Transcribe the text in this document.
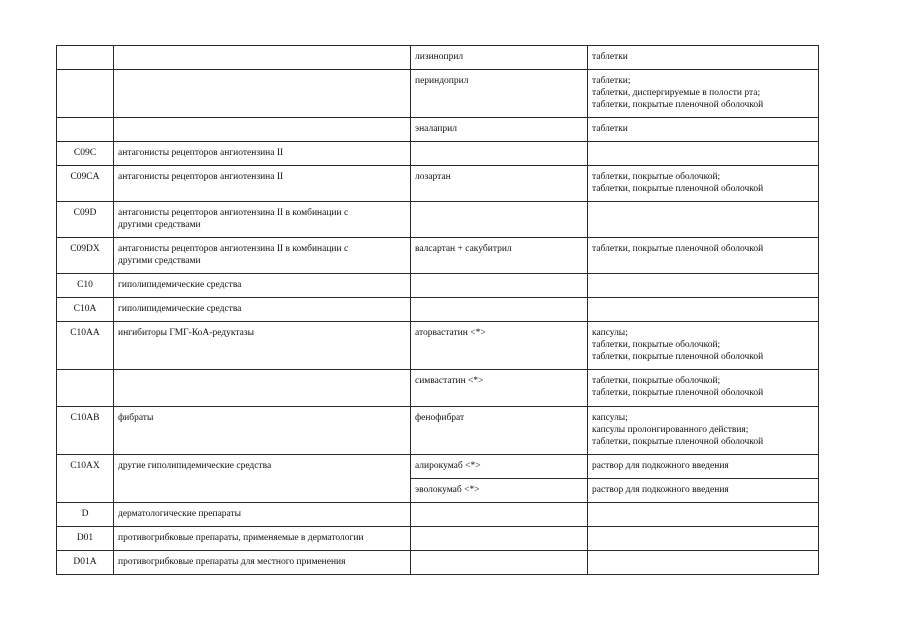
		лизиноприл	таблетки
		периндоприл	таблетки;
таблетки, диспергируемые в полости рта;
таблетки, покрытые пленочной оболочкой
		эналаприл	таблетки
C09C	антагонисты рецепторов ангиотензина II		
C09CA	антагонисты рецепторов ангиотензина II	лозартан	таблетки, покрытые оболочкой;
таблетки, покрытые пленочной оболочкой
C09D	антагонисты рецепторов ангиотензина II в комбинации с
другими средствами		
C09DX	антагонисты рецепторов ангиотензина II в комбинации с
другими средствами	валсартан + сакубитрил	таблетки, покрытые пленочной оболочкой
C10	гиполипидемические средства		
C10A	гиполипидемические средства		
C10AA	ингибиторы ГМГ-КоА-редуктазы	аторвастатин <*>	капсулы;
таблетки, покрытые оболочкой;
таблетки, покрытые пленочной оболочкой
		симвастатин <*>	таблетки, покрытые оболочкой;
таблетки, покрытые пленочной оболочкой
C10AB	фибраты	фенофибрат	капсулы;
капсулы пролонгированного действия;
таблетки, покрытые пленочной оболочкой
C10AX	другие гиполипидемические средства	алирокумаб <*>	раствор для подкожного введения
		эволокумаб <*>	раствор для подкожного введения
D	дерматологические препараты		
D01	противогрибковые препараты, применяемые в дерматологии		
D01A	противогрибковые препараты для местного применения		
